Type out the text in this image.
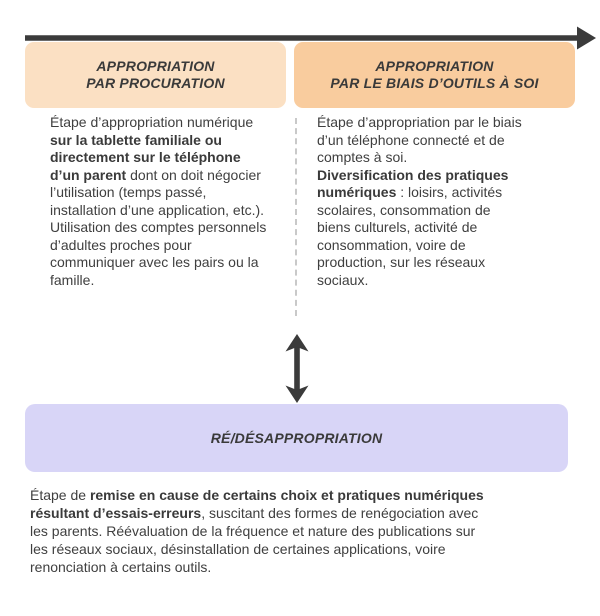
APPROPRIATION
PAR PROCURATION
APPROPRIATION
PAR LE BIAIS D’OUTILS À SOI

Étape d’appropriation numérique sur la tablette familiale ou directement sur le téléphone d’un parent dont on doit négocier l’utilisation (temps passé, installation d’une application, etc.). Utilisation des comptes personnels d’adultes proches pour communiquer avec les pairs ou la famille.

Étape d’appropriation par le biais d’un téléphone connecté et de comptes à soi.

Diversification des pratiques numériques : loisirs, activités scolaires, consommation de biens culturels, activité de consommation, voire de production, sur les réseaux sociaux.

RÉ/DÉSAPPROPRIATION
Étape de remise en cause de certains choix et pratiques numériques résultant d’essais-erreurs, suscitant des formes de renégociation avec les parents. Réévaluation de la fréquence et nature des publications sur les réseaux sociaux, désinstallation de certaines applications, voire renonciation à certains outils.
